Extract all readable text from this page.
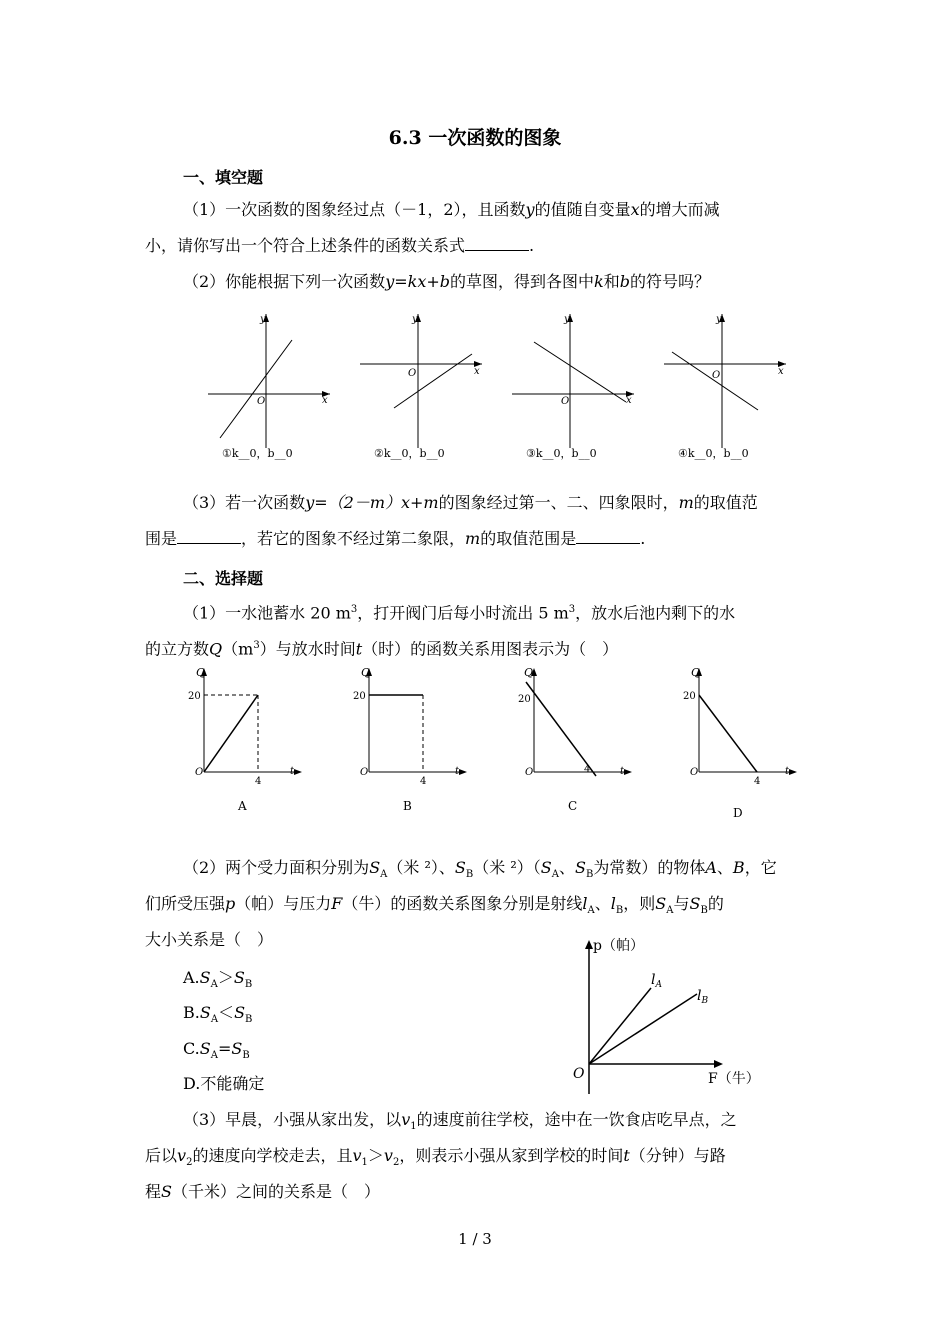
6.3 一次函数的图象
一、填空题
（1）一次函数的图象经过点（－1，2），且函数y的值随自变量x的增大而减
小，请你写出一个符合上述条件的函数关系式	.
（2）你能根据下列一次函数y=kx+b的草图，得到各图中k和b的符号吗？
y
x
O
①k__0，b__0
y
x
O
②k__0，b__0
y
x
O
③k__0，b__0
y
x
O
④k__0，b__0
（3）若一次函数y=（2－m）x+m的图象经过第一、二、四象限时，m的取值范
围是	，若它的图象不经过第二象限，m的取值范围是	.
二、选择题
（1）一水池蓄水 20 $m^3$，打开阀门后每小时流出 5 $m^3$，放水后池内剩下的水
的立方数$Q(m^3)$与放水时间t（时）的函数关系用图表示为（　）
Q
20
O
4
t
A
Q
20
O
4
t
B
Q
20
O	4	t
C
Q
20
O
4
t
D
（2）两个受力面积分别为$S_A$（米 ²）、$S_B$（米 $^2)(S_A$、$S_B$为常数）的物体A、B，它
们所受压强p（帕）与压力F（牛）的函数关系图象分别是射线$l_A$、$l_B$，则$S_A$与$S_B$的
大小关系是（　）
$A.S_A>S_B$
$B.S_A<S_B$
$C.S_A=S_B$
D.不能确定
p（帕）
F（牛）
O
$l_A$
$l_B$
（3）早晨，小强从家出发，以$v_1$的速度前往学校，途中在一饮食店吃早点，之
后以$v_2$的速度向学校走去，且$v_1>v_2$，则表示小强从家到学校的时间t（分钟）与路
程S（千米）之间的关系是（　）
1 / 3
